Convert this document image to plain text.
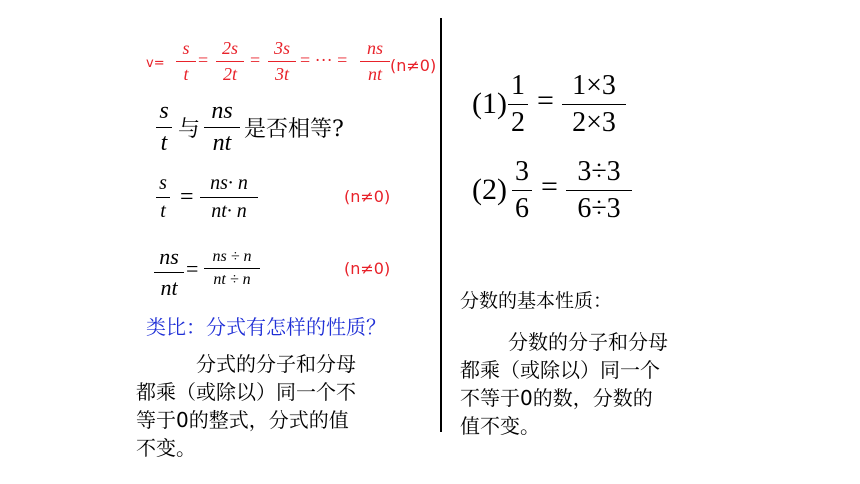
v=
s
t
=
2s
2t
=
3s
3t
= ··· =
ns
nt (n≠0)
s
t
与
ns
nt
是否相等?
s
t
=
ns· n
nt· n
(n≠0)
ns
nt
= ns ÷ n
nt ÷ n
(n≠0)
类比：分式有怎样的性质？
分式的分子和分母
都乘（或除以）同一个不
等于0的整式，分式的值
不变。
(1)
1
2
= 1×3
2×3
(2)
3
6
= 3÷3
6÷3
分数的基本性质：
分数的分子和分母
都乘（或除以）同一个
不等于0的数，分数的
值不变。
